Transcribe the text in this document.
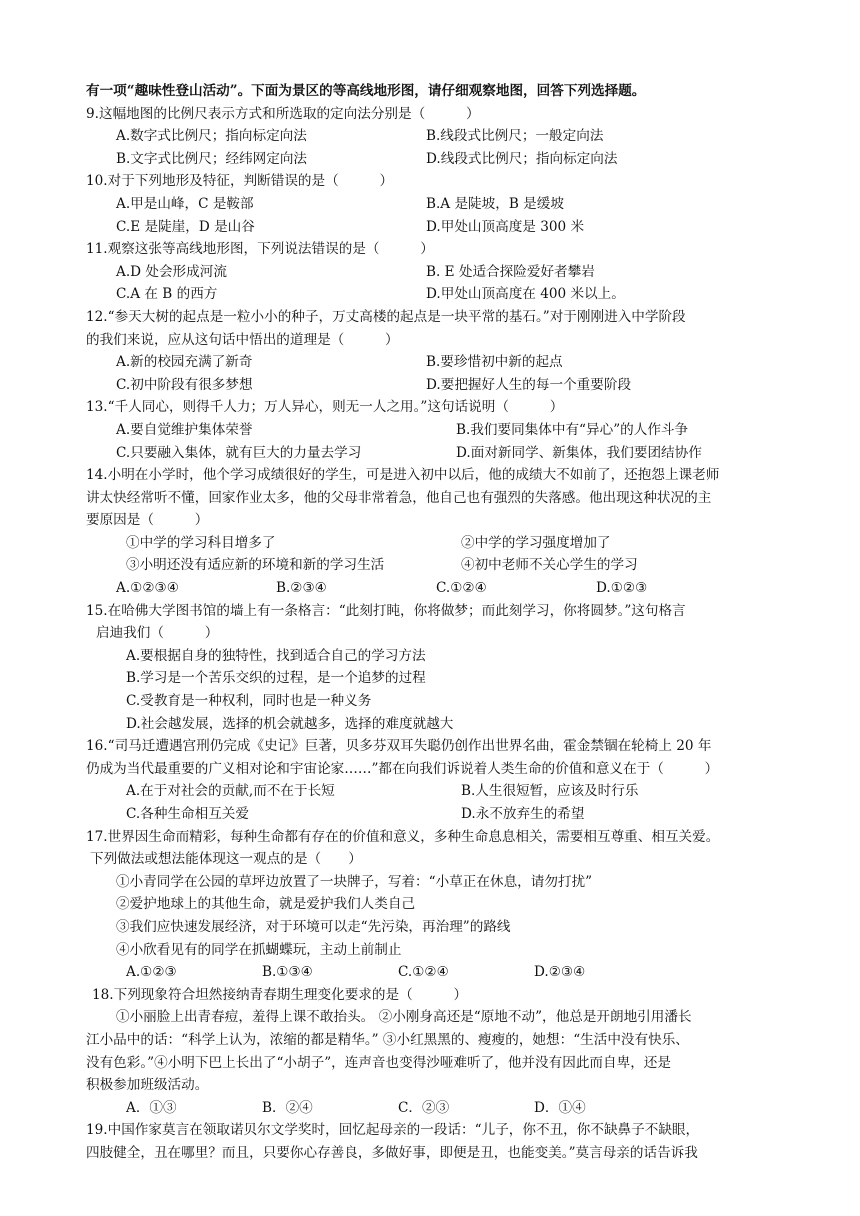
有一项“趣味性登山活动”。下面为景区的等高线地形图，请仔细观察地图，回答下列选择题。
9.这幅地图的比例尺表示方式和所选取的定向法分别是（　　　）
A.数字式比例尺；指向标定向法	B.线段式比例尺；一般定向法
B.文字式比例尺；经纬网定向法	D.线段式比例尺；指向标定向法
10.对于下列地形及特征，判断错误的是（　　　）
A.甲是山峰，C 是鞍部	B.A 是陡坡，B 是缓坡
C.E 是陡崖，D 是山谷	D.甲处山顶高度是 300 米
11.观察这张等高线地形图，下列说法错误的是（　　　）
A.D 处会形成河流	B. E 处适合探险爱好者攀岩
C.A 在 B 的西方	D.甲处山顶高度在 400 米以上。
12.“参天大树的起点是一粒小小的种子，万丈高楼的起点是一块平常的基石。”对于刚刚进入中学阶段
的我们来说，应从这句话中悟出的道理是（　　　）
A.新的校园充满了新奇	B.要珍惜初中新的起点
C.初中阶段有很多梦想	D.要把握好人生的每一个重要阶段
13.“千人同心，则得千人力；万人异心，则无一人之用。”这句话说明（　　　）
A.要自觉维护集体荣誉	B.我们要同集体中有“异心”的人作斗争
C.只要融入集体，就有巨大的力量去学习	D.面对新同学、新集体，我们要团结协作
14.小明在小学时，他个学习成绩很好的学生，可是进入初中以后，他的成绩大不如前了，还抱怨上课老师
讲太快经常听不懂，回家作业太多，他的父母非常着急，他自己也有强烈的失落感。他出现这种状况的主
要原因是（　　　）
①中学的学习科目增多了	②中学的学习强度增加了
③小明还没有适应新的环境和新的学习生活	④初中老师不关心学生的学习
A.①②③④	B.②③④	C.①②④	D.①②③
15.在哈佛大学图书馆的墙上有一条格言：“此刻打盹，你将做梦；而此刻学习，你将圆梦。”这句格言
启迪我们（　　　）
A.要根据自身的独特性，找到适合自己的学习方法
B.学习是一个苦乐交织的过程，是一个追梦的过程
C.受教育是一种权利，同时也是一种义务
D.社会越发展，选择的机会就越多，选择的难度就越大
16.“司马迁遭遇宫刑仍完成《史记》巨著，贝多芬双耳失聪仍创作出世界名曲，霍金禁锢在轮椅上 20 年
仍成为当代最重要的广义相对论和宇宙论家……”都在向我们诉说着人类生命的价值和意义在于（　　　）
A.在于对社会的贡献,而不在于长短	B.人生很短暂，应该及时行乐
C.各种生命相互关爱	D.永不放弃生的希望
17.世界因生命而精彩，每种生命都有存在的价值和意义，多种生命息息相关，需要相互尊重、相互关爱。
下列做法或想法能体现这一观点的是（　　）
①小青同学在公园的草坪边放置了一块牌子，写着：“小草正在休息，请勿打扰”
②爱护地球上的其他生命，就是爱护我们人类自己
③我们应快速发展经济，对于环境可以走“先污染，再治理”的路线
④小欣看见有的同学在抓蝴蝶玩，主动上前制止
A.①②③	B.①③④	C.①②④	D.②③④
18.下列现象符合坦然接纳青春期生理变化要求的是（　　　）
①小丽脸上出青春痘，羞得上课不敢抬头。 ②小刚身高还是“原地不动”，他总是开朗地引用潘长
江小品中的话：“科学上认为，浓缩的都是精华。” ③小红黑黑的、瘦瘦的，她想：“生活中没有快乐、
没有色彩。”④小明下巴上长出了“小胡子”，连声音也变得沙哑难听了，他并没有因此而自卑，还是
积极参加班级活动。
A．①③	B．②④	C．②③	D．①④
19.中国作家莫言在领取诺贝尔文学奖时，回忆起母亲的一段话：“儿子，你不丑，你不缺鼻子不缺眼，
四肢健全，丑在哪里？而且，只要你心存善良，多做好事，即便是丑，也能变美。”莫言母亲的话告诉我
